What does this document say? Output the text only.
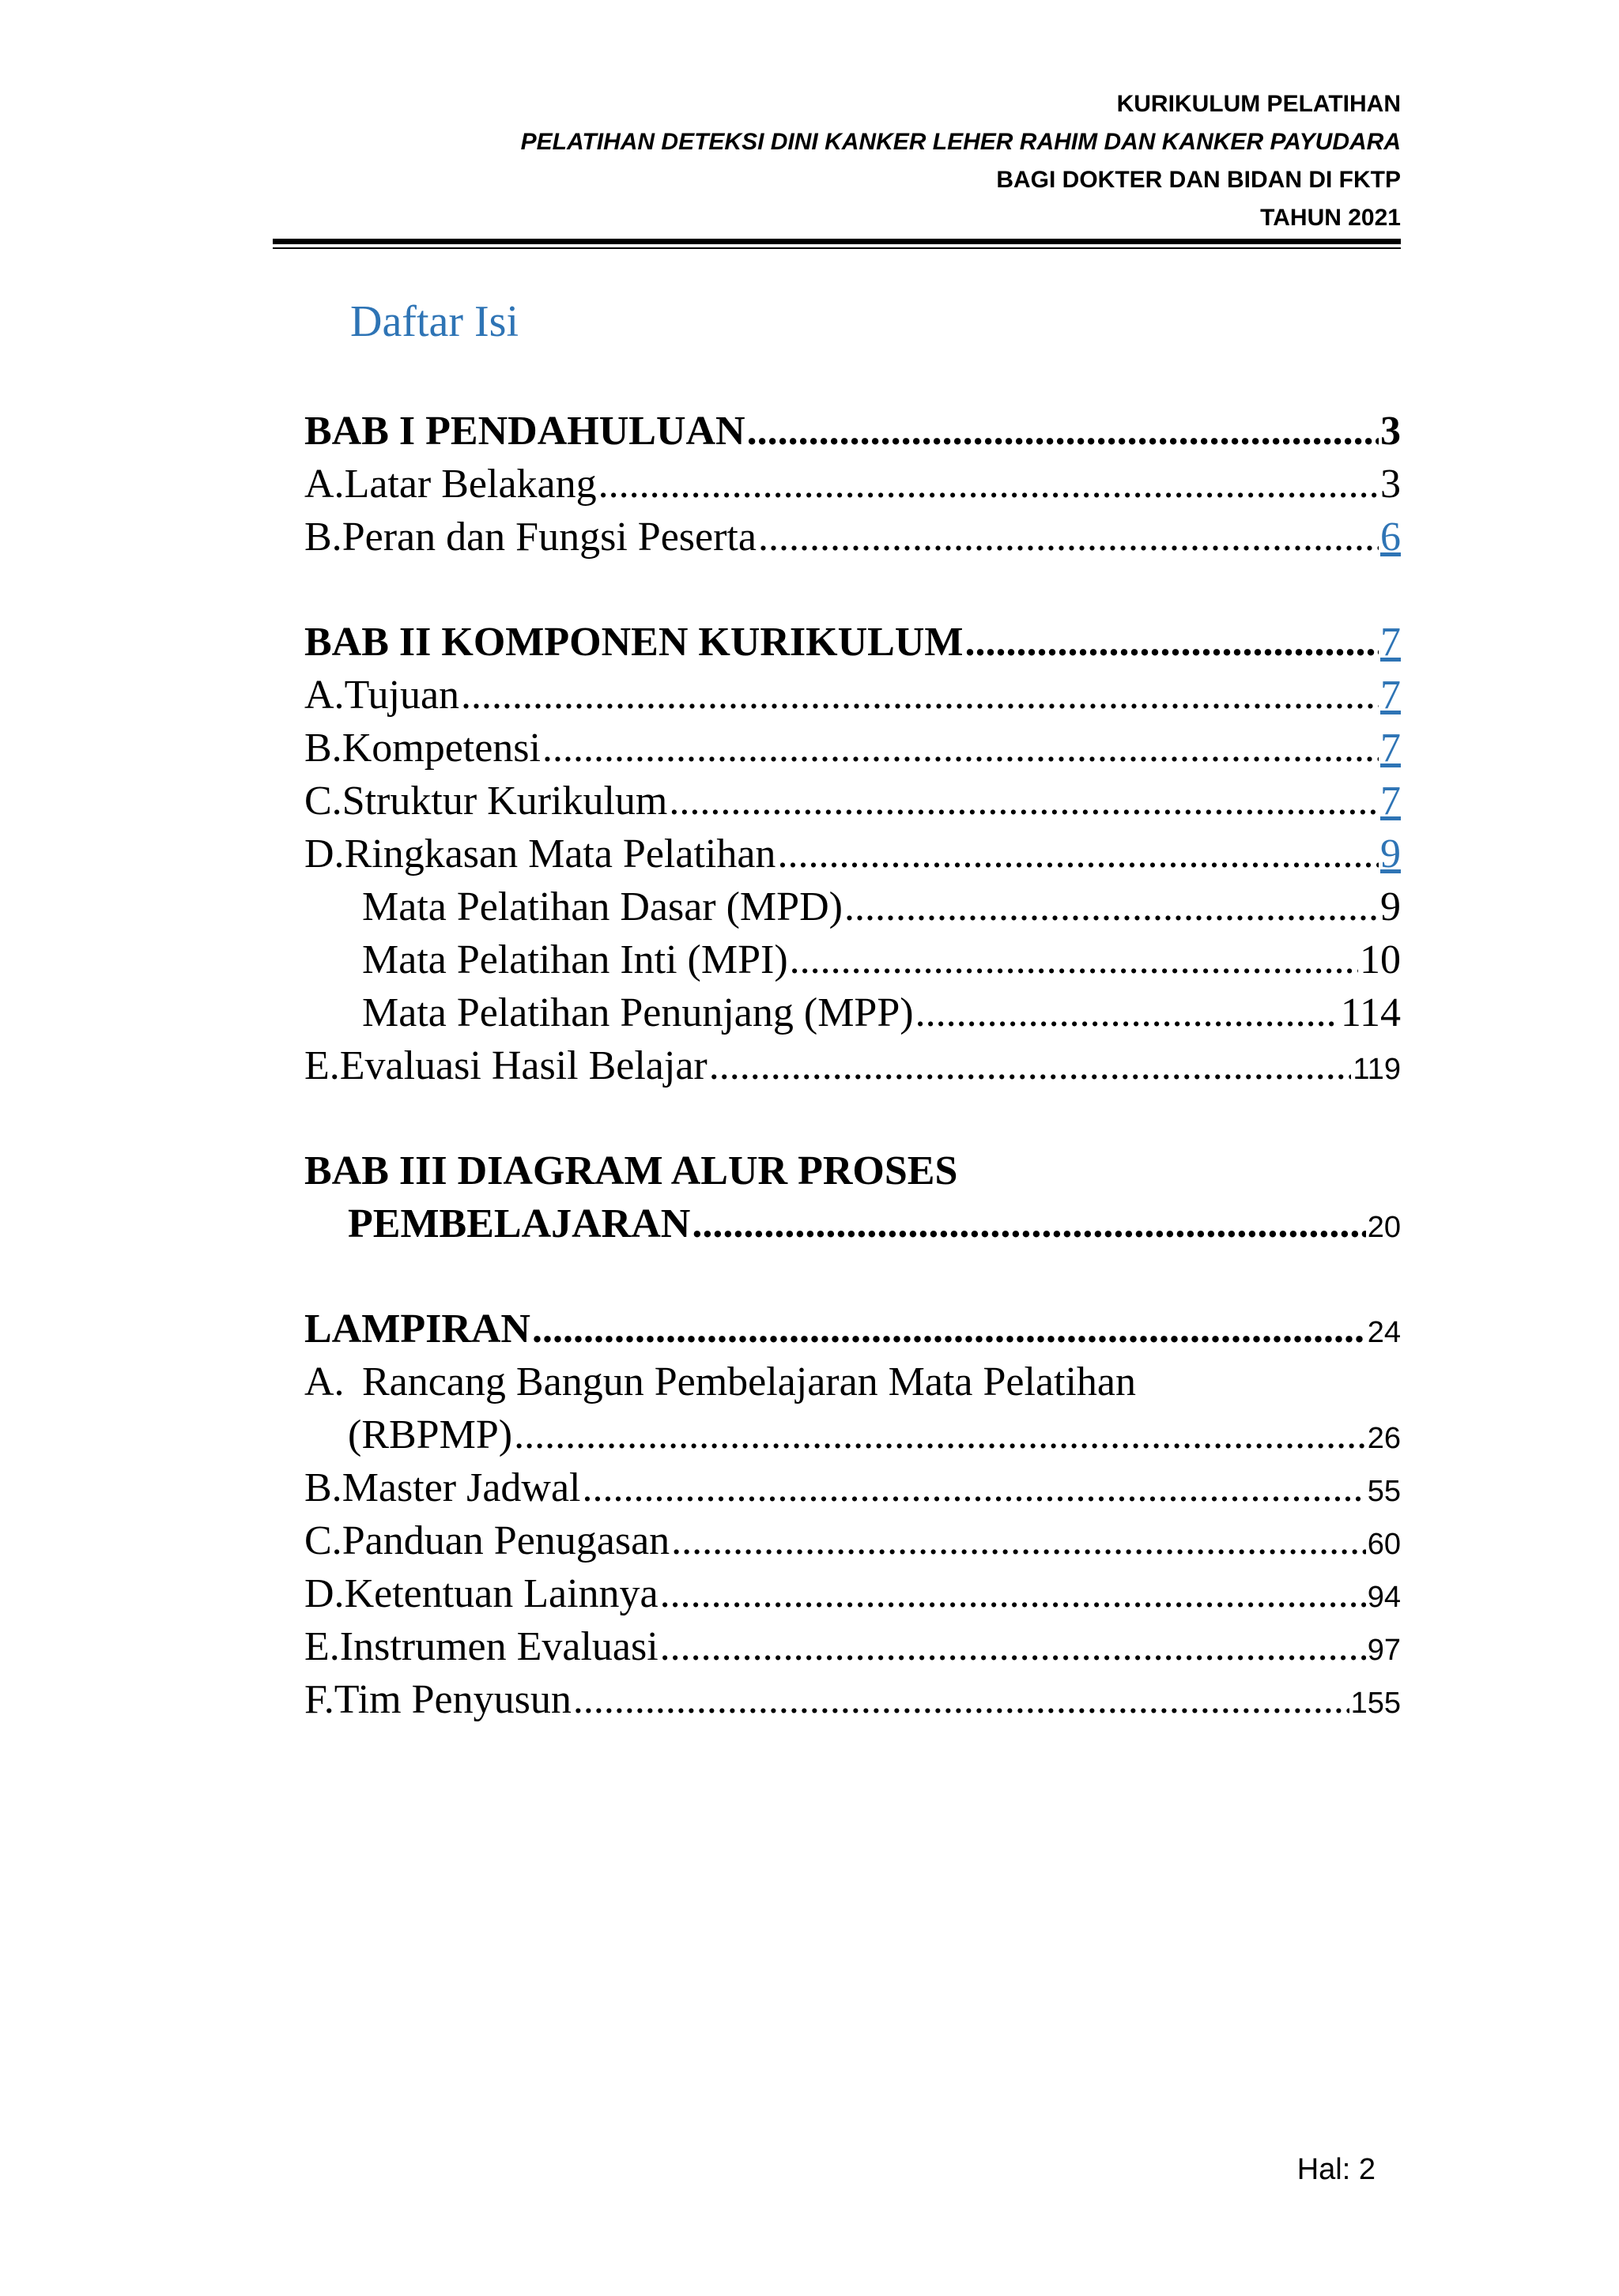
KURIKULUM PELATIHAN
PELATIHAN DETEKSI DINI KANKER LEHER RAHIM DAN KANKER PAYUDARA
BAGI DOKTER DAN BIDAN DI FKTP
TAHUN 2021
Daftar Isi
BAB I PENDAHULUAN .....	3
A. Latar Belakang .....	3
B. Peran dan Fungsi Peserta .....	6
BAB II KOMPONEN KURIKULUM .....	7
A. Tujuan .....	7
B. Kompetensi .....	7
C. Struktur Kurikulum .....	7
D. Ringkasan Mata Pelatihan .....	9
Mata Pelatihan Dasar (MPD) .....	9
Mata Pelatihan Inti (MPI) .....	10
Mata Pelatihan Penunjang (MPP) .....	114
E. Evaluasi Hasil Belajar .....	119
BAB III DIAGRAM ALUR PROSES
PEMBELAJARAN .....	20
LAMPIRAN .....	24
A. Rancang Bangun Pembelajaran Mata Pelatihan
(RBPMP) .....	26
B. Master Jadwal .....	55
C. Panduan Penugasan .....	60
D. Ketentuan Lainnya .....	94
E. Instrumen Evaluasi .....	97
F. Tim Penyusun .....	155
Hal: 2
